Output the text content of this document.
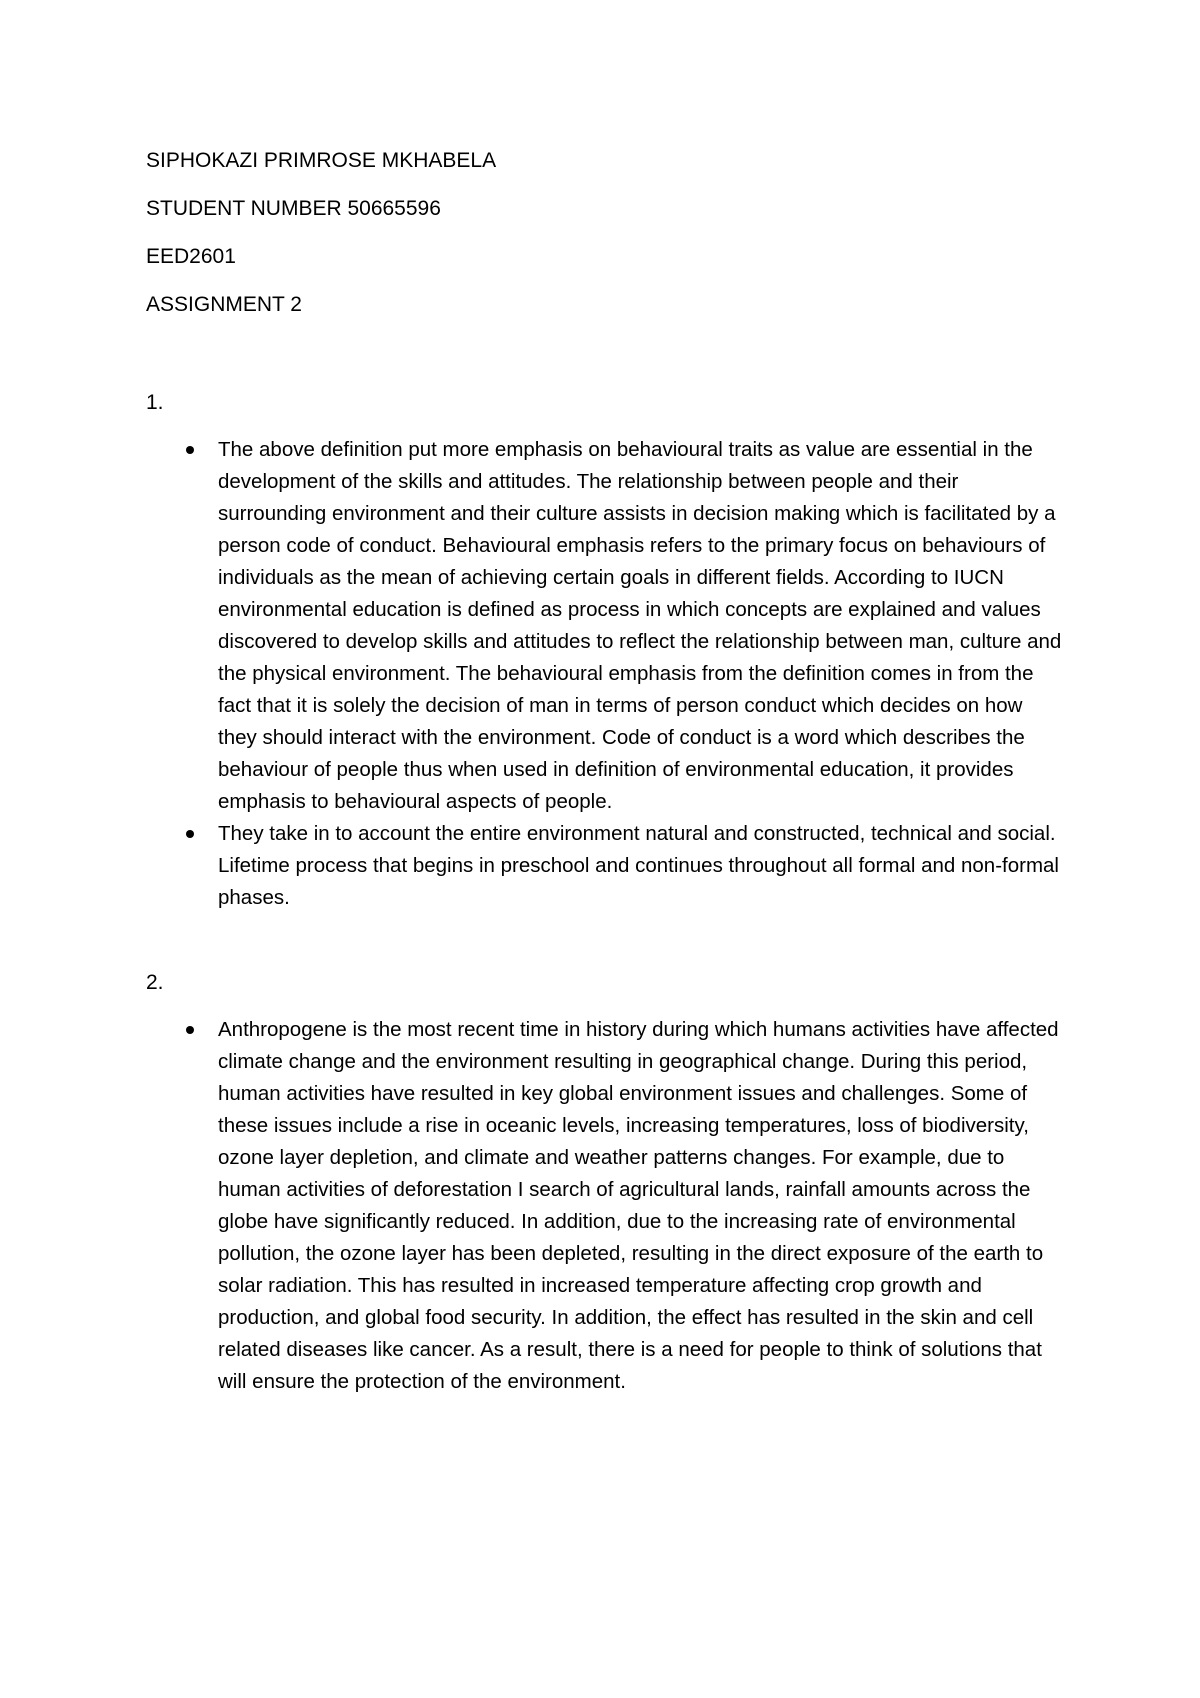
SIPHOKAZI PRIMROSE MKHABELA
STUDENT NUMBER 50665596
EED2601
ASSIGNMENT 2
1.
The above definition put more emphasis on behavioural traits as value are essential in the development of the skills and attitudes. The relationship between people and their surrounding environment and their culture assists in decision making which is facilitated by a person code of conduct. Behavioural emphasis refers to the primary focus on behaviours of individuals as the mean of achieving certain goals in different fields. According to IUCN environmental education is defined as process in which concepts are explained and values discovered to develop skills and attitudes to reflect the relationship between man, culture and the physical environment. The behavioural emphasis from the definition comes in from the fact that it is solely the decision of man in terms of person conduct which decides on how they should interact with the environment. Code of conduct is a word which describes the behaviour of people thus when used in definition of environmental education, it provides emphasis to behavioural aspects of people.
They take in to account the entire environment natural and constructed, technical and social. Lifetime process that begins in preschool and continues throughout all formal and non-formal phases.
2.
Anthropogene is the most recent time in history during which humans activities have affected climate change and the environment resulting in geographical change. During this period, human activities have resulted in key global environment issues and challenges. Some of these issues include a rise in oceanic levels, increasing temperatures, loss of biodiversity, ozone layer depletion, and climate and weather patterns changes. For example, due to human activities of deforestation I search of agricultural lands, rainfall amounts across the globe have significantly reduced. In addition, due to the increasing rate of environmental pollution, the ozone layer has been depleted, resulting in the direct exposure of the earth to solar radiation. This has resulted in increased temperature affecting crop growth and production, and global food security. In addition, the effect has resulted in the skin and cell related diseases like cancer. As a result, there is a need for people to think of solutions that will ensure the protection of the environment.
